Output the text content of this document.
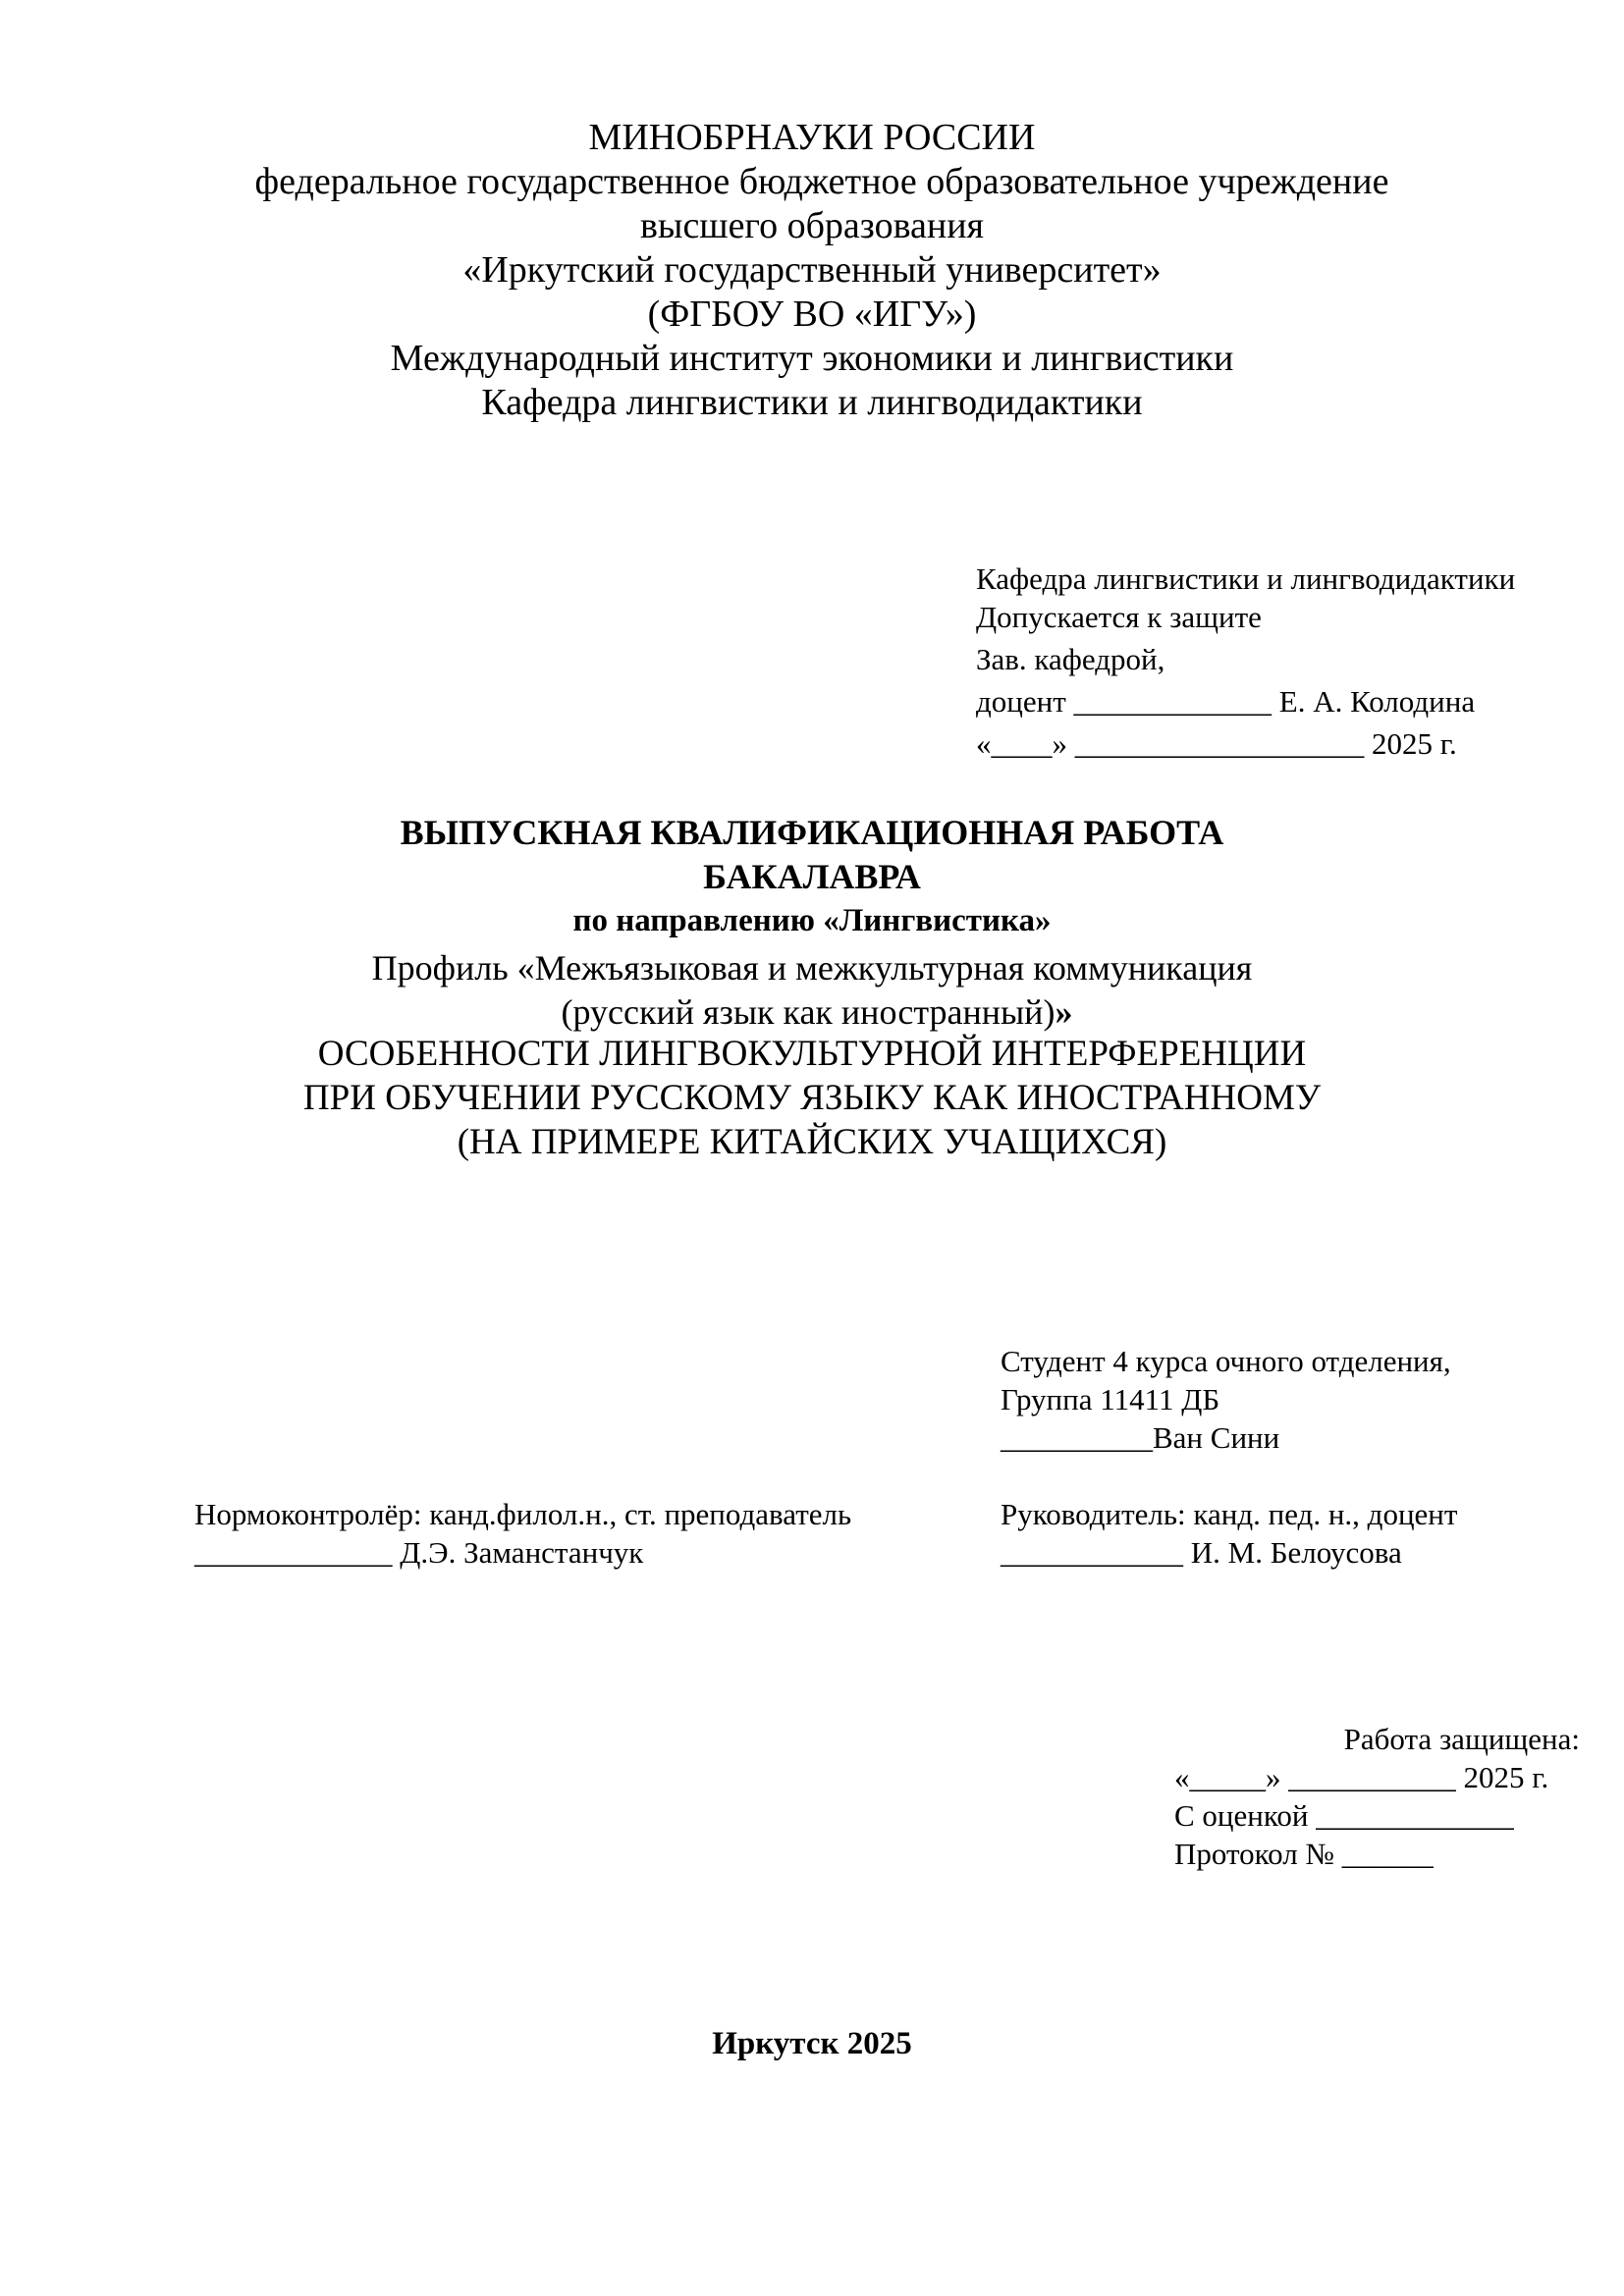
МИНОБРНАУКИ РОССИИ
федеральное государственное бюджетное образовательное учреждение
высшего образования
«Иркутский государственный университет»
(ФГБОУ ВО «ИГУ»)
Международный институт экономики и лингвистики
Кафедра лингвистики и лингводидактики
Кафедра лингвистики и лингводидактики
Допускается к защите
Зав. кафедрой,
доцент _____________ Е. А. Колодина
«____» ___________________ 2025 г.
ВЫПУСКНАЯ КВАЛИФИКАЦИОННАЯ РАБОТА
БАКАЛАВРА
по направлению «Лингвистика»
Профиль «Межъязыковая и межкультурная коммуникация
(русский язык как иностранный)»
ОСОБЕННОСТИ ЛИНГВОКУЛЬТУРНОЙ ИНТЕРФЕРЕНЦИИ
ПРИ ОБУЧЕНИИ РУССКОМУ ЯЗЫКУ КАК ИНОСТРАННОМУ
(НА ПРИМЕРЕ КИТАЙСКИХ УЧАЩИХСЯ)
Студент 4 курса очного отделения,
Группа 11411 ДБ
__________Ван Сини
Нормоконтролёр: канд.филол.н., ст. преподаватель
_____________ Д.Э. Заманстанчук
Руководитель: канд. пед. н., доцент
____________ И. М. Белоусова
Работа защищена:
«_____» ___________ 2025 г.
С оценкой _____________
Протокол № ______
Иркутск 2025
